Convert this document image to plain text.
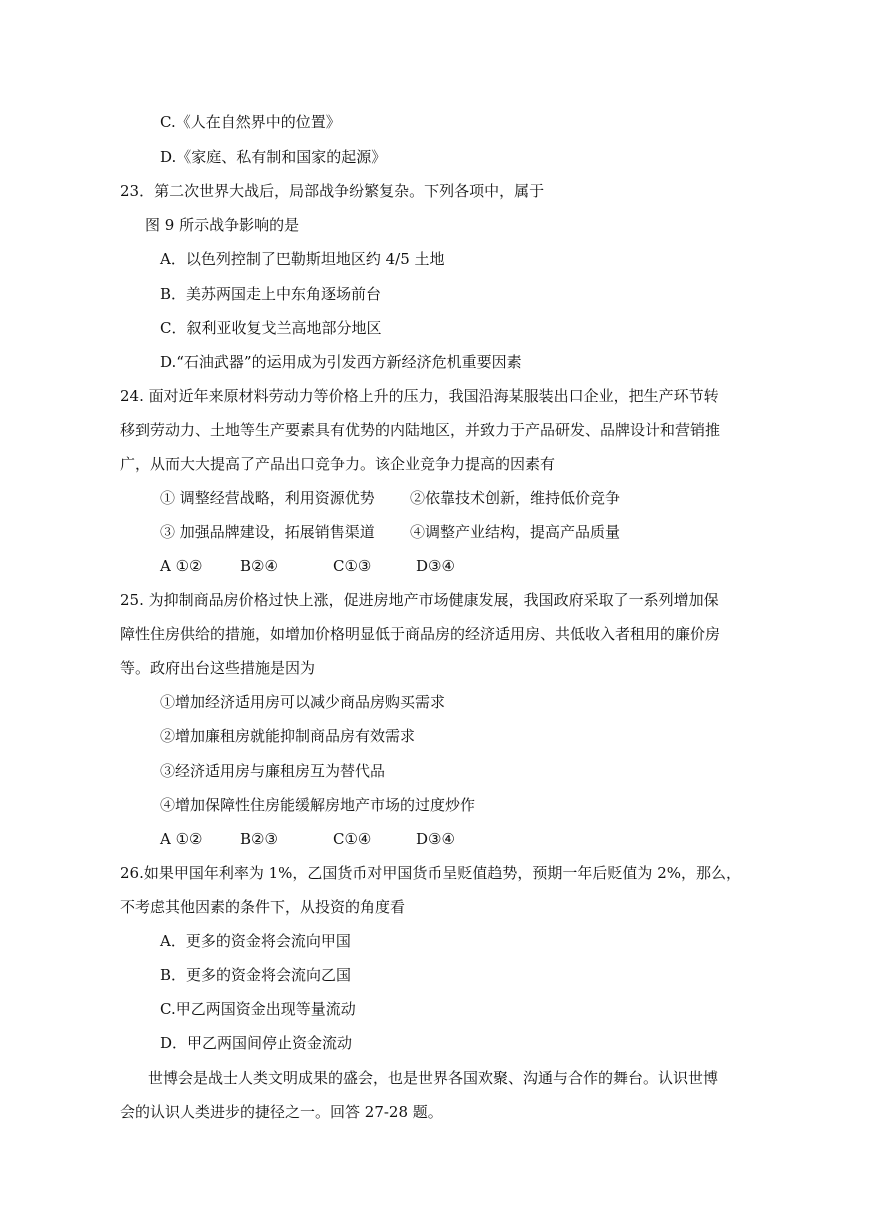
C.《人在自然界中的位置》
D.《家庭、私有制和国家的起源》
23．第二次世界大战后，局部战争纷繁复杂。下列各项中，属于
图 9 所示战争影响的是
A．以色列控制了巴勒斯坦地区约 4/5 土地
B．美苏两国走上中东角逐场前台
C．叙利亚收复戈兰高地部分地区
D.“石油武器”的运用成为引发西方新经济危机重要因素
24. 面对近年来原材料劳动力等价格上升的压力，我国沿海某服装出口企业，把生产环节转
移到劳动力、土地等生产要素具有优势的内陆地区，并致力于产品研发、品牌设计和营销推
广，从而大大提高了产品出口竞争力。该企业竞争力提高的因素有
① 调整经营战略，利用资源优势 ②依靠技术创新，维持低价竞争
③ 加强品牌建设，拓展销售渠道 ④调整产业结构，提高产品质量
A ①②	B②④	C①③	D③④
25. 为抑制商品房价格过快上涨，促进房地产市场健康发展，我国政府采取了一系列增加保
障性住房供给的措施，如增加价格明显低于商品房的经济适用房、共低收入者租用的廉价房
等。政府出台这些措施是因为
①增加经济适用房可以减少商品房购买需求
②增加廉租房就能抑制商品房有效需求
③经济适用房与廉租房互为替代品
④增加保障性住房能缓解房地产市场的过度炒作
A ①②	B②③	C①④	D③④
26.如果甲国年利率为 1%，乙国货币对甲国货币呈贬值趋势，预期一年后贬值为 2%，那么，
不考虑其他因素的条件下，从投资的角度看
A．更多的资金将会流向甲国
B．更多的资金将会流向乙国
C.甲乙两国资金出现等量流动
D．甲乙两国间停止资金流动
世博会是战士人类文明成果的盛会，也是世界各国欢聚、沟通与合作的舞台。认识世博
会的认识人类进步的捷径之一。回答 27-28 题。
